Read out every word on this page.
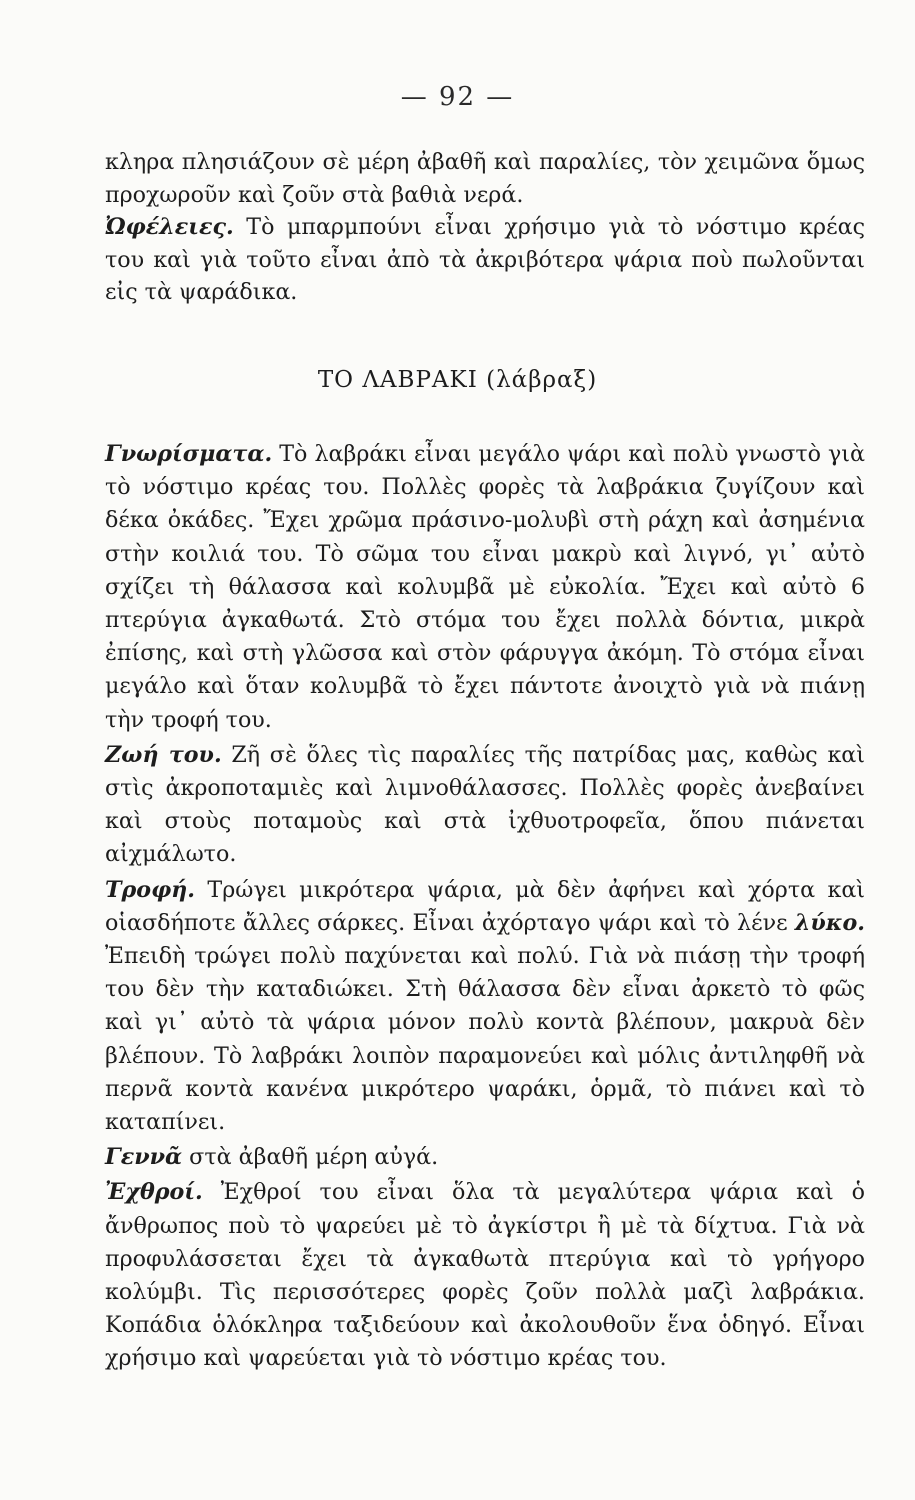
— 92 —

κληρα πλησιάζουν σὲ μέρη ἀβαθῆ καὶ παραλίες, τὸν χειμῶνα ὅμως προχωροῦν καὶ ζοῦν στὰ βαθιὰ νερά.

Ὠφέλειες. Τὸ μπαρμπούνι εἶναι χρήσιμο γιὰ τὸ νόστιμο κρέας του καὶ γιὰ τοῦτο εἶναι ἀπὸ τὰ ἀκριβότερα ψάρια ποὺ πωλοῦνται εἰς τὰ ψαράδικα.

ΤΟ ΛΑΒΡΑΚΙ (λάβραξ)

Γνωρίσματα. Τὸ λαβράκι εἶναι μεγάλο ψάρι καὶ πολὺ γνωστὸ γιὰ τὸ νόστιμο κρέας του. Πολλὲς φορὲς τὰ λαβράκια ζυγίζουν καὶ δέκα ὀκάδες. Ἔχει χρῶμα πράσινο-μολυβὶ στὴ ράχη καὶ ἀσημένια στὴν κοιλιά του. Τὸ σῶμα του εἶναι μακρὺ καὶ λιγνό, γι᾿ αὐτὸ σχίζει τὴ θάλασσα καὶ κολυμβᾶ μὲ εὐκολία. Ἔχει καὶ αὐτὸ 6 πτερύγια ἀγκαθωτά. Στὸ στόμα του ἔχει πολλὰ δόντια, μικρὰ ἐπίσης, καὶ στὴ γλῶσσα καὶ στὸν φάρυγγα ἀκόμη. Τὸ στόμα εἶναι μεγάλο καὶ ὅταν κολυμβᾶ τὸ ἔχει πάντοτε ἀνοιχτὸ γιὰ νὰ πιάνῃ τὴν τροφή του.

Ζωή του. Ζῆ σὲ ὅλες τὶς παραλίες τῆς πατρίδας μας, καθὼς καὶ στὶς ἀκροποταμιὲς καὶ λιμνοθάλασσες. Πολλὲς φορὲς ἀνεβαίνει καὶ στοὺς ποταμοὺς καὶ στὰ ἰχθυοτροφεῖα, ὅπου πιάνεται αἰχμάλωτο.

Τροφή. Τρώγει μικρότερα ψάρια, μὰ δὲν ἀφήνει καὶ χόρτα καὶ οἱασδήποτε ἄλλες σάρκες. Εἶναι ἀχόρταγο ψάρι καὶ τὸ λένε λύκο. Ἐπειδὴ τρώγει πολὺ παχύνεται καὶ πολύ. Γιὰ νὰ πιάσῃ τὴν τροφή του δὲν τὴν καταδιώκει. Στὴ θάλασσα δὲν εἶναι ἀρκετὸ τὸ φῶς καὶ γι᾿ αὐτὸ τὰ ψάρια μόνον πολὺ κοντὰ βλέπουν, μακρυὰ δὲν βλέπουν. Τὸ λαβράκι λοιπὸν παραμονεύει καὶ μόλις ἀντιληφθῆ νὰ περνᾶ κοντὰ κανένα μικρότερο ψαράκι, ὁρμᾶ, τὸ πιάνει καὶ τὸ καταπίνει.

Γεννᾶ στὰ ἀβαθῆ μέρη αὐγά.

Ἐχθροί. Ἐχθροί του εἶναι ὅλα τὰ μεγαλύτερα ψάρια καὶ ὁ ἄνθρωπος ποὺ τὸ ψαρεύει μὲ τὸ ἀγκίστρι ἢ μὲ τὰ δίχτυα. Γιὰ νὰ προφυλάσσεται ἔχει τὰ ἀγκαθωτὰ πτερύγια καὶ τὸ γρήγορο κολύμβι. Τὶς περισσότερες φορὲς ζοῦν πολλὰ μαζὶ λαβράκια. Κοπάδια ὁλόκληρα ταξιδεύουν καὶ ἀκολουθοῦν ἕνα ὁδηγό. Εἶναι χρήσιμο καὶ ψαρεύεται γιὰ τὸ νόστιμο κρέας του.
